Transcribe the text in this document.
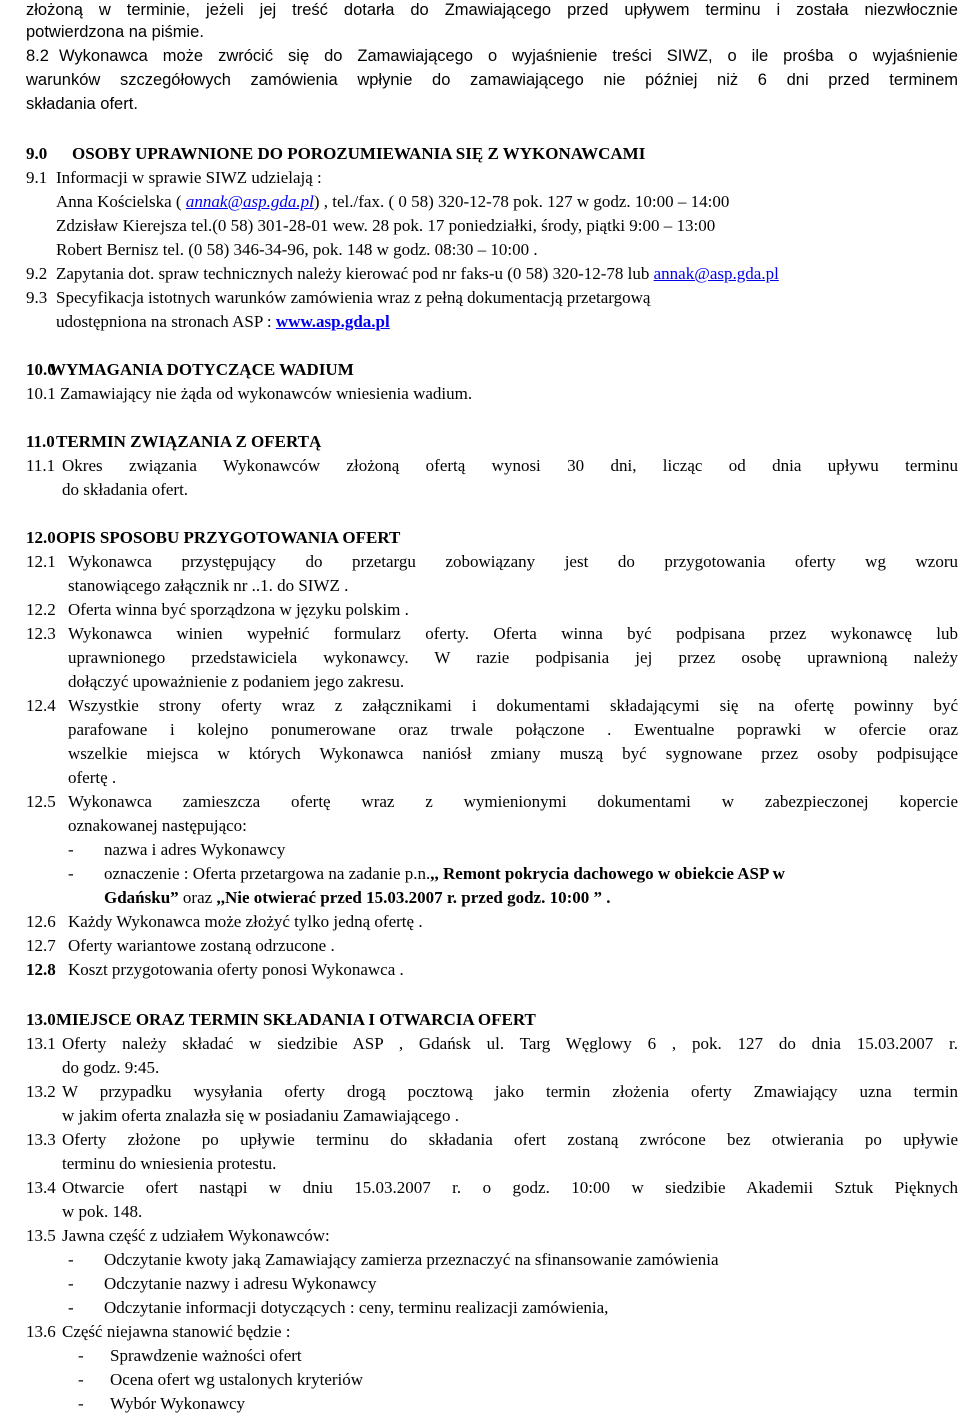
złożoną w terminie, jeżeli jej treść dotarła do Zmawiającego przed upływem terminu i została niezwłocznie

potwierdzona na piśmie.

8.2 Wykonawca może zwrócić się do Zamawiającego o wyjaśnienie treści SIWZ, o ile prośba o wyjaśnienie

warunków szczegółowych zamówienia wpłynie do zamawiającego nie później niż 6 dni przed terminem

składania ofert.

9.0 OSOBY UPRAWNIONE DO POROZUMIEWANIA SIĘ Z WYKONAWCAMI

9.1 Informacji w sprawie SIWZ udzielają :

Anna Kościelska ( annak@asp.gda.pl) , tel./fax. ( 0 58) 320-12-78 pok. 127 w godz. 10:00 – 14:00

Zdzisław Kierejsza tel.(0 58) 301-28-01 wew. 28 pok. 17 poniedziałki, środy, piątki 9:00 – 13:00

Robert Bernisz tel. (0 58) 346-34-96, pok. 148 w godz. 08:30 – 10:00 .

9.2 Zapytania dot. spraw technicznych należy kierować pod nr faks-u (0 58) 320-12-78 lub annak@asp.gda.pl

9.3 Specyfikacja istotnych warunków zamówienia wraz z pełną dokumentacją przetargową

udostępniona na stronach ASP : www.asp.gda.pl

10.0

WYMAGANIA DOTYCZĄCE WADIUM

10.1 Zamawiający nie żąda od wykonawców wniesienia wadium.

11.0 TERMIN ZWIĄZANIA Z OFERTĄ

11.1 Okres związania Wykonawców złożoną ofertą wynosi 30 dni, licząc od dnia upływu terminu

do składania ofert.

12.0 OPIS SPOSOBU PRZYGOTOWANIA OFERT

12.1 Wykonawca przystępujący do przetargu zobowiązany jest do przygotowania oferty wg wzoru

stanowiącego załącznik nr ..1. do SIWZ .

12.2 Oferta winna być sporządzona w języku polskim .

12.3 Wykonawca winien wypełnić formularz oferty. Oferta winna być podpisana przez wykonawcę lub

uprawnionego przedstawiciela wykonawcy. W razie podpisania jej przez osobę uprawnioną należy

dołączyć upoważnienie z podaniem jego zakresu.

12.4 Wszystkie strony oferty wraz z załącznikami i dokumentami składającymi się na ofertę powinny być

parafowane i kolejno ponumerowane oraz trwale połączone . Ewentualne poprawki w ofercie oraz

wszelkie miejsca w których Wykonawca naniósł zmiany muszą być sygnowane przez osoby podpisujące

ofertę .

12.5 Wykonawca zamieszcza ofertę wraz z wymienionymi dokumentami w zabezpieczonej kopercie

oznakowanej następująco:

- nazwa i adres Wykonawcy

- oznaczenie : Oferta przetargowa na zadanie p.n.,, Remont pokrycia dachowego w obiekcie ASP w

Gdańsku” oraz ,,Nie otwierać przed 15.03.2007 r. przed godz. 10:00 ” .

12.6 Każdy Wykonawca może złożyć tylko jedną ofertę .

12.7 Oferty wariantowe zostaną odrzucone .

12.8 Koszt przygotowania oferty ponosi Wykonawca .

13.0 MIEJSCE ORAZ TERMIN SKŁADANIA I OTWARCIA OFERT

13.1 Oferty należy składać w siedzibie ASP , Gdańsk ul. Targ Węglowy 6 , pok. 127 do dnia 15.03.2007 r.

do godz. 9:45.

13.2 W przypadku wysyłania oferty drogą pocztową jako termin złożenia oferty Zmawiający uzna termin

w jakim oferta znalazła się w posiadaniu Zamawiającego .

13.3 Oferty złożone po upływie terminu do składania ofert zostaną zwrócone bez otwierania po upływie

terminu do wniesienia protestu.

13.4 Otwarcie ofert nastąpi w dniu 15.03.2007 r. o godz. 10:00 w siedzibie Akademii Sztuk Pięknych

w pok. 148.

13.5 Jawna część z udziałem Wykonawców:

- Odczytanie kwoty jaką Zamawiający zamierza przeznaczyć na sfinansowanie zamówienia

- Odczytanie nazwy i adresu Wykonawcy

- Odczytanie informacji dotyczących : ceny, terminu realizacji zamówienia,

13.6 Część niejawna stanowić będzie :

- Sprawdzenie ważności ofert

- Ocena ofert wg ustalonych kryteriów

- Wybór Wykonawcy
